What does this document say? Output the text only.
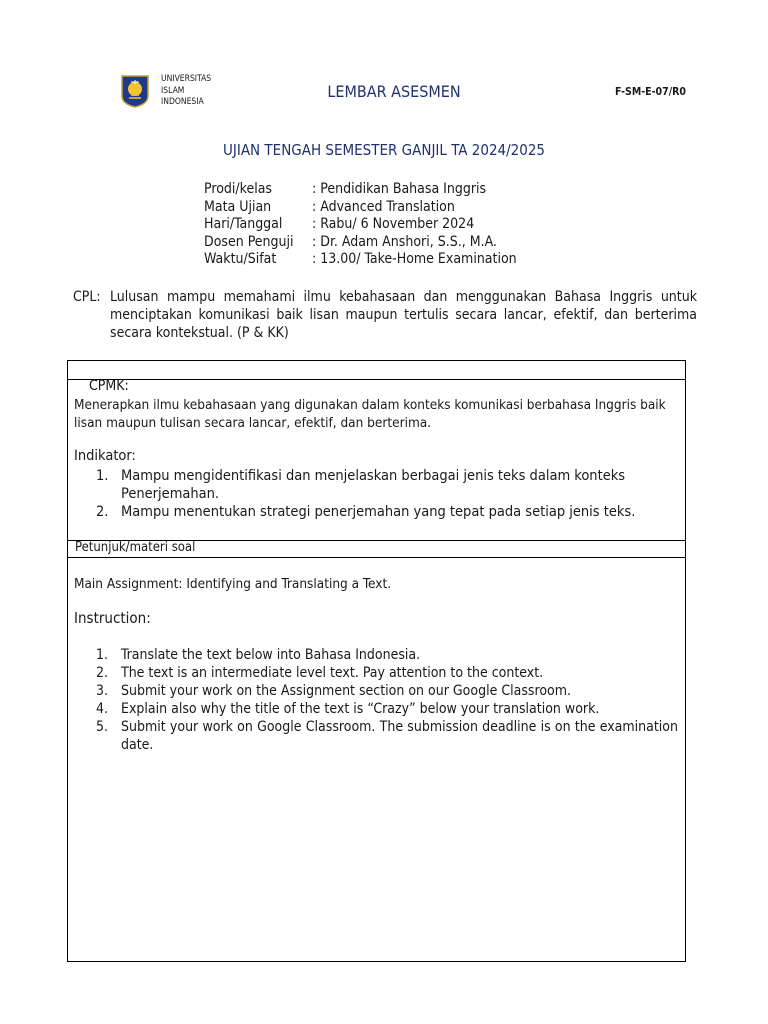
UNIVERSITAS
ISLAM
INDONESIA
LEMBAR ASESMEN	F-SM-E-07/R0
UJIAN TENGAH SEMESTER GANJIL TA 2024/2025
Prodi/kelas	: Pendidikan Bahasa Inggris
Mata Ujian	: Advanced Translation
Hari/Tanggal	: Rabu/ 6 November 2024
Dosen Penguji	: Dr. Adam Anshori, S.S., M.A.
Waktu/Sifat	: 13.00/ Take-Home Examination
CPL: Lulusan mampu memahami ilmu kebahasaan dan menggunakan Bahasa Inggris untuk menciptakan komunikasi baik lisan maupun tertulis secara lancar, efektif, dan berterima secara kontekstual. (P & KK)
CPMK:
Menerapkan ilmu kebahasaan yang digunakan dalam konteks komunikasi berbahasa Inggris baik lisan maupun tulisan secara lancar, efektif, dan berterima.
Indikator:
1. Mampu mengidentifikasi dan menjelaskan berbagai jenis teks dalam konteks Penerjemahan.
2. Mampu menentukan strategi penerjemahan yang tepat pada setiap jenis teks.
Petunjuk/materi soal
Main Assignment: Identifying and Translating a Text.
Instruction:
1. Translate the text below into Bahasa Indonesia.
2. The text is an intermediate level text. Pay attention to the context.
3. Submit your work on the Assignment section on our Google Classroom.
4. Explain also why the title of the text is “Crazy” below your translation work.
5. Submit your work on Google Classroom. The submission deadline is on the examination date.
